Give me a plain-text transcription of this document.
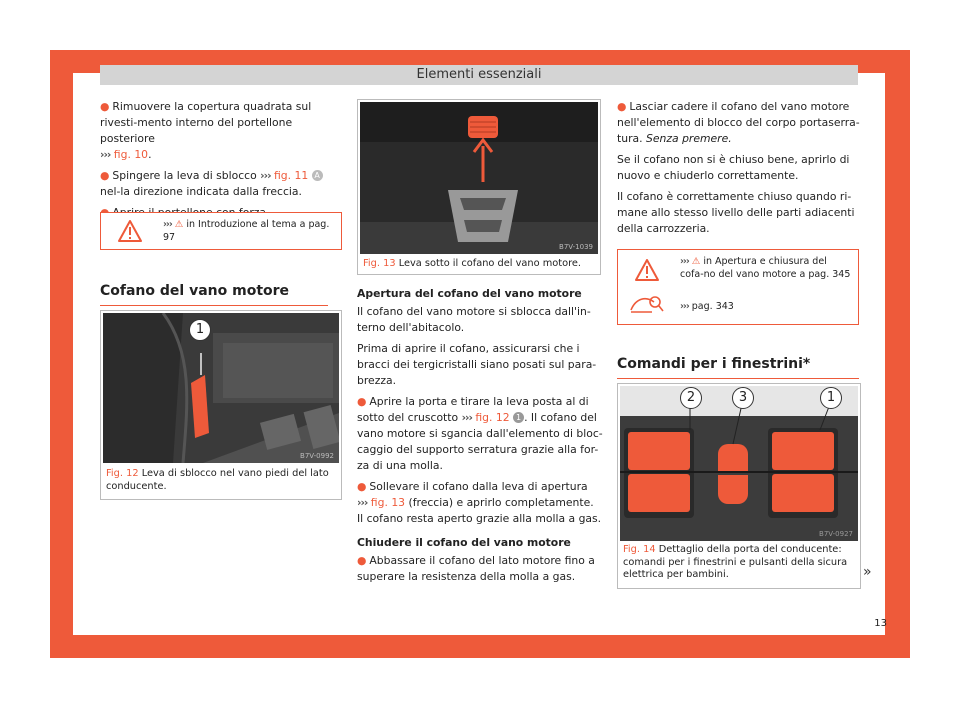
Elementi essenziali

● Rimuovere la copertura quadrata sul rivesti-mento interno del portellone posteriore
››› fig. 10.

● Spingere la leva di sblocco ››› fig. 11 A nel-la direzione indicata dalla freccia.

››› ⚠ in Introduzione al tema a pag. 97
Cofano del vano motore
1
B7V-0992
Fig. 12 Leva di sblocco nel vano piedi del lato conducente.
B7V-1039
Fig. 13 Leva sotto il cofano del vano motore.

Apertura del cofano del vano motore

Il cofano del vano motore si sblocca dall'in-terno dell'abitacolo.

Prima di aprire il cofano, assicurarsi che i bracci dei tergicristalli siano posati sul para-brezza.

● Aprire la porta e tirare la leva posta al di sotto del cruscotto ››› fig. 12 1 . Il cofano del vano motore si sgancia dall'elemento di bloc-caggio del supporto serratura grazie alla for-za di una molla.

● Sollevare il cofano dalla leva di apertura
››› fig. 13 (freccia) e aprirlo completamente. Il cofano resta aperto grazie alla molla a gas.

Chiudere il cofano del vano motore

● Abbassare il cofano del lato motore fino a superare la resistenza della molla a gas.

● Lasciar cadere il cofano del vano motore nell'elemento di blocco del corpo portaserra-tura. Senza premere.

Se il cofano non si è chiuso bene, aprirlo di nuovo e chiuderlo correttamente.

Il cofano è correttamente chiuso quando ri-mane allo stesso livello delle parti adiacenti della carrozzeria.

››› ⚠ in Apertura e chiusura del cofa-no del vano motore a pag. 345
››› pag. 343
Comandi per i finestrini*
2	3	1
B7V-0927
Fig. 14 Dettaglio della porta del conducente: comandi per i finestrini e pulsanti della sicura elettrica per bambini.	»
13
